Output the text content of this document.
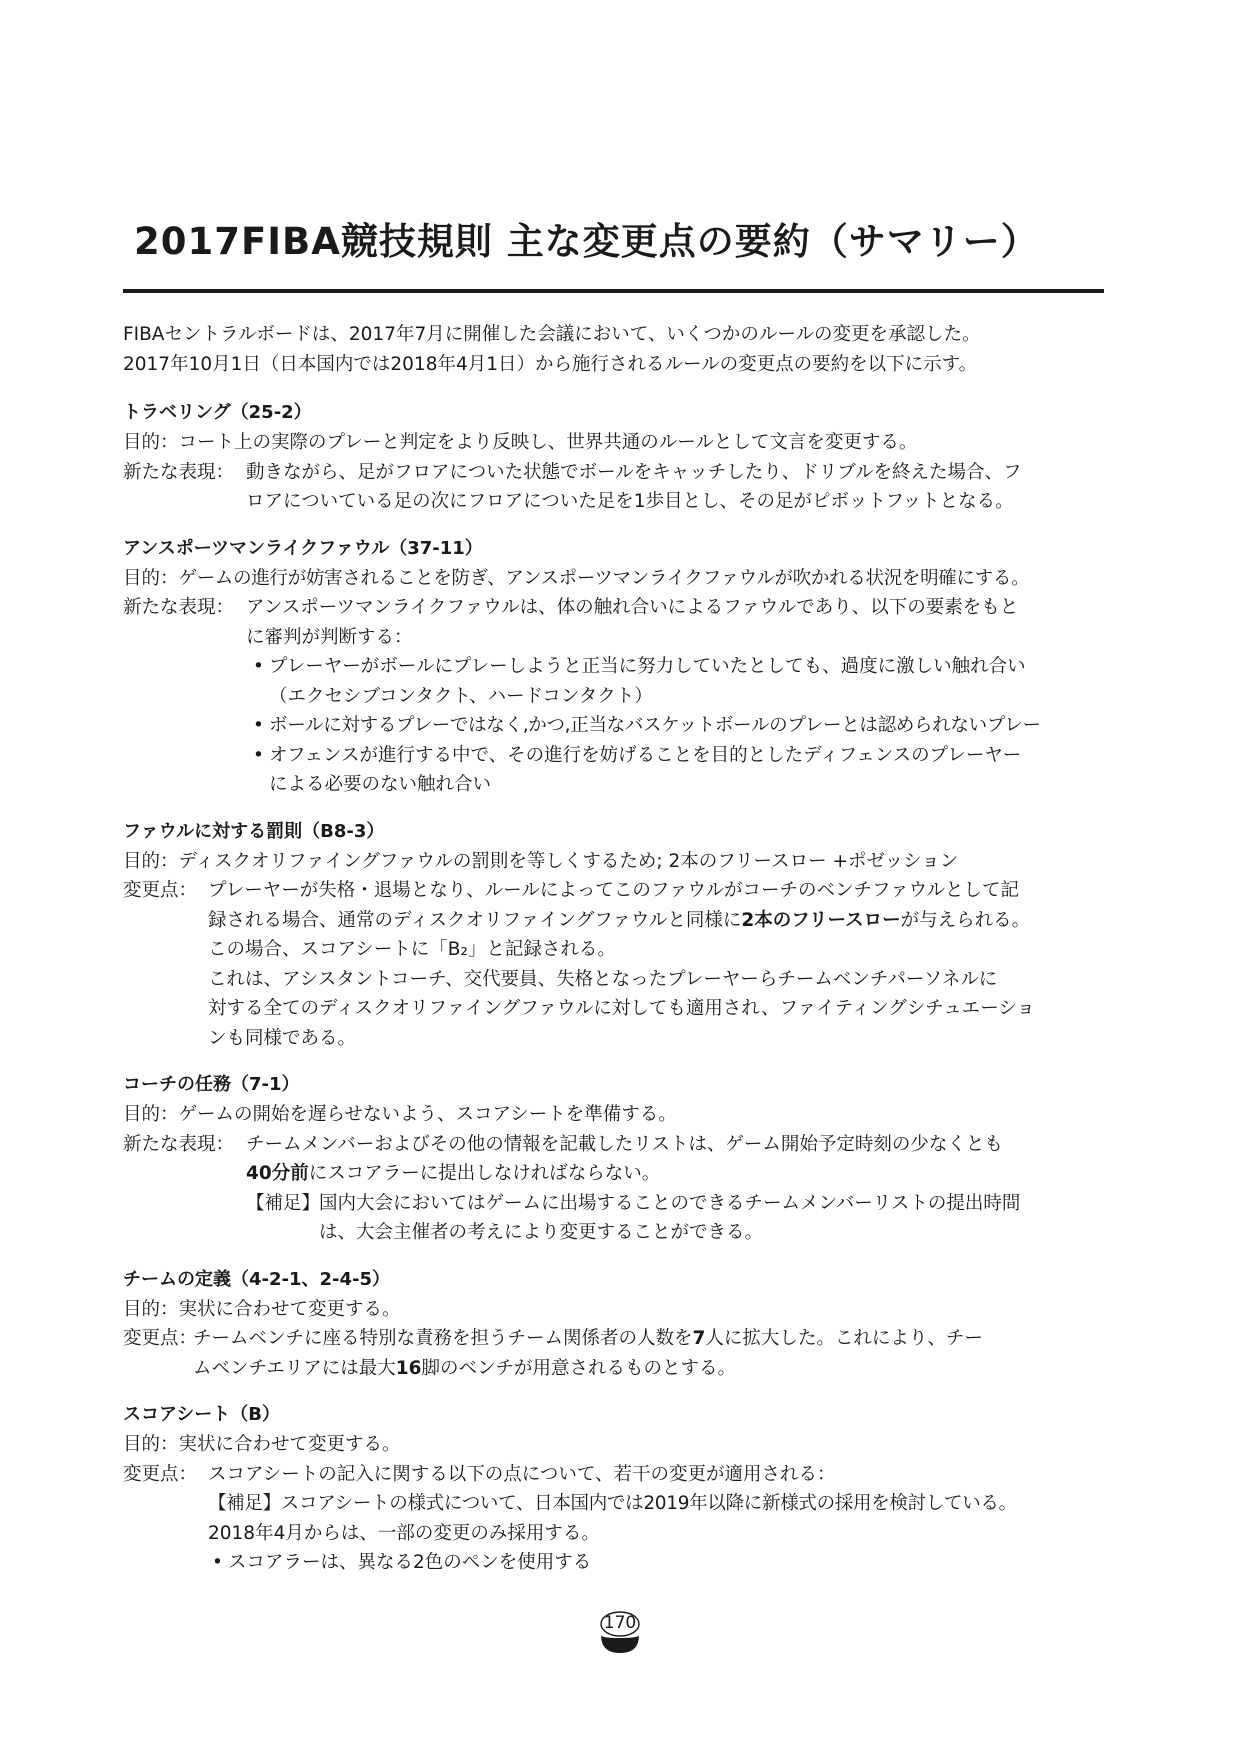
2017FIBA競技規則 主な変更点の要約（サマリー）
FIBAセントラルボードは、2017年7月に開催した会議において、いくつかのルールの変更を承認した。
2017年10月1日（日本国内では2018年4月1日）から施行されるルールの変更点の要約を以下に示す。
トラベリング（25-2）
目的： コート上の実際のプレーと判定をより反映し、世界共通のルールとして文言を変更する。
新たな表現： 動きながら、足がフロアについた状態でボールをキャッチしたり、ドリブルを終えた場合、フ
ロアについている足の次にフロアについた足を1歩目とし、その足がピボットフットとなる。
アンスポーツマンライクファウル（37-11）
目的： ゲームの進行が妨害されることを防ぎ、アンスポーツマンライクファウルが吹かれる状況を明確にする。
新たな表現： アンスポーツマンライクファウルは、体の触れ合いによるファウルであり、以下の要素をもと
に審判が判断する：
• プレーヤーがボールにプレーしようと正当に努力していたとしても、過度に激しい触れ合い
（エクセシブコンタクト、ハードコンタクト）
• ボールに対するプレーではなく,かつ,正当なバスケットボールのプレーとは認められないプレー
• オフェンスが進行する中で、その進行を妨げることを目的としたディフェンスのプレーヤー
による必要のない触れ合い
ファウルに対する罰則（B8-3）
目的： ディスクオリファイングファウルの罰則を等しくするため; 2本のフリースロー +ポゼッション
変更点： プレーヤーが失格・退場となり、ルールによってこのファウルがコーチのベンチファウルとして記
録される場合、通常のディスクオリファイングファウルと同様に2本のフリースローが与えられる。
この場合、スコアシートに「B₂」と記録される。
これは、アシスタントコーチ、交代要員、失格となったプレーヤーらチームベンチパーソネルに
対する全てのディスクオリファイングファウルに対しても適用され、ファイティングシチュエーショ
ンも同様である。
コーチの任務（7-1）
目的： ゲームの開始を遅らせないよう、スコアシートを準備する。
新たな表現： チームメンバーおよびその他の情報を記載したリストは、ゲーム開始予定時刻の少なくとも
40分前にスコアラーに提出しなければならない。
【補足】
国内大会においてはゲームに出場することのできるチームメンバーリストの提出時間
は、大会主催者の考えにより変更することができる。
チームの定義（4-2-1、2-4-5）
目的： 実状に合わせて変更する。
変更点：
チームベンチに座る特別な責務を担うチーム関係者の人数を7人に拡大した。これにより、チー
ムベンチエリアには最大16脚のベンチが用意されるものとする。
スコアシート（B）
目的： 実状に合わせて変更する。
変更点： スコアシートの記入に関する以下の点について、若干の変更が適用される：
【補足】スコアシートの様式について、日本国内では2019年以降に新様式の採用を検討している。
2018年4月からは、一部の変更のみ採用する。
• スコアラーは、異なる2色のペンを使用する
170
